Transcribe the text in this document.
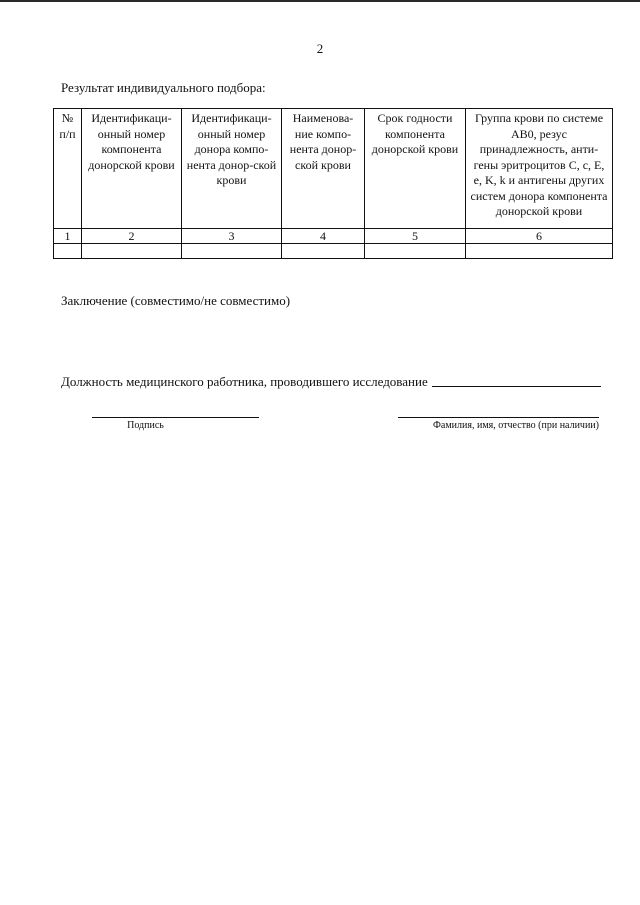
2
Результат индивидуального подбора:
№ п/п	Идентификаци-онный номер компонента донорской крови	Идентификаци-онный номер донора компо-нента донор-ской крови	Наименова-ние компо-нента донор-ской крови	Срок годности компонента донорской крови	Группа крови по системе АВ0, резус принадлежность, анти-гены эритроцитов С, с, Е, е, K, k и антигены других систем донора компонента донорской крови
1	2	3	4	5	6

Заключение (совместимо/не совместимо)
Должность медицинского работника, проводившего исследование
Подпись	Фамилия, имя, отчество (при наличии)
